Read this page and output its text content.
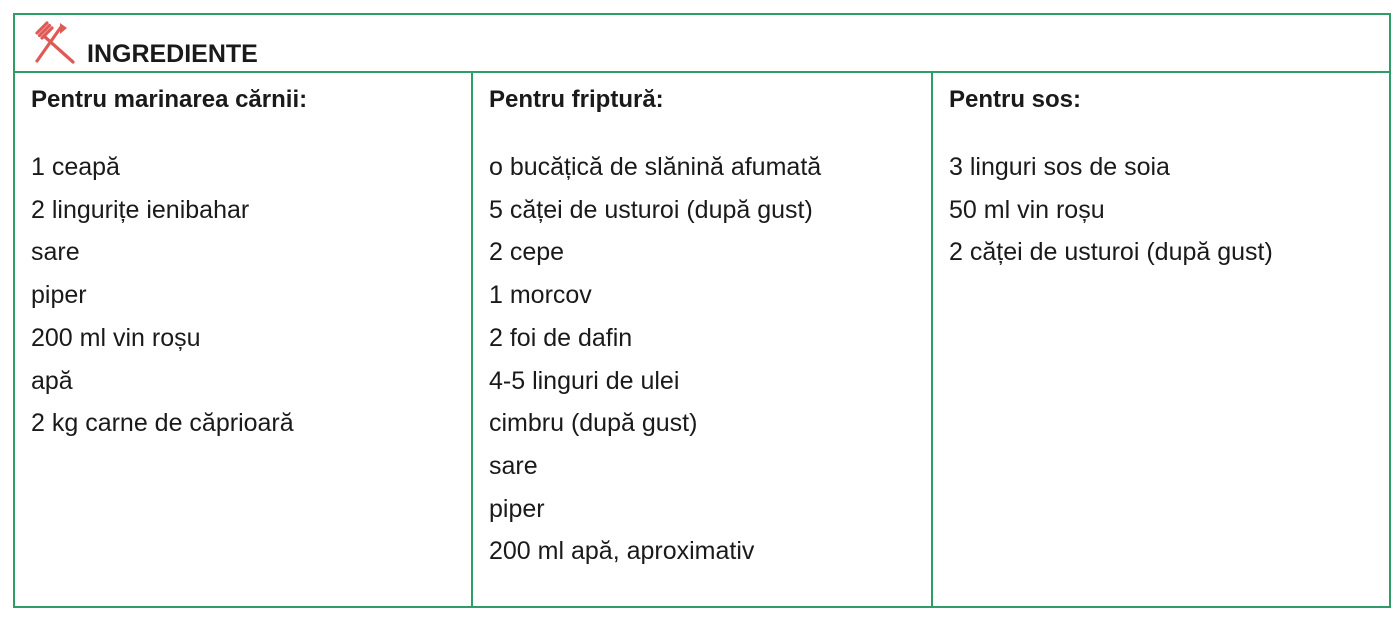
INGREDIENTE
Pentru marinarea cărnii:
1 ceapă
2 lingurițe ienibahar
sare
piper
200 ml vin roșu
apă
2 kg carne de căprioară
Pentru friptură:
o bucățică de slănină afumată
5 căței de usturoi (după gust)
2 cepe
1 morcov
2 foi de dafin
4-5 linguri de ulei
cimbru (după gust)
sare
piper
200 ml apă, aproximativ
Pentru sos:
3 linguri sos de soia
50 ml vin roșu
2 căței de usturoi (după gust)
